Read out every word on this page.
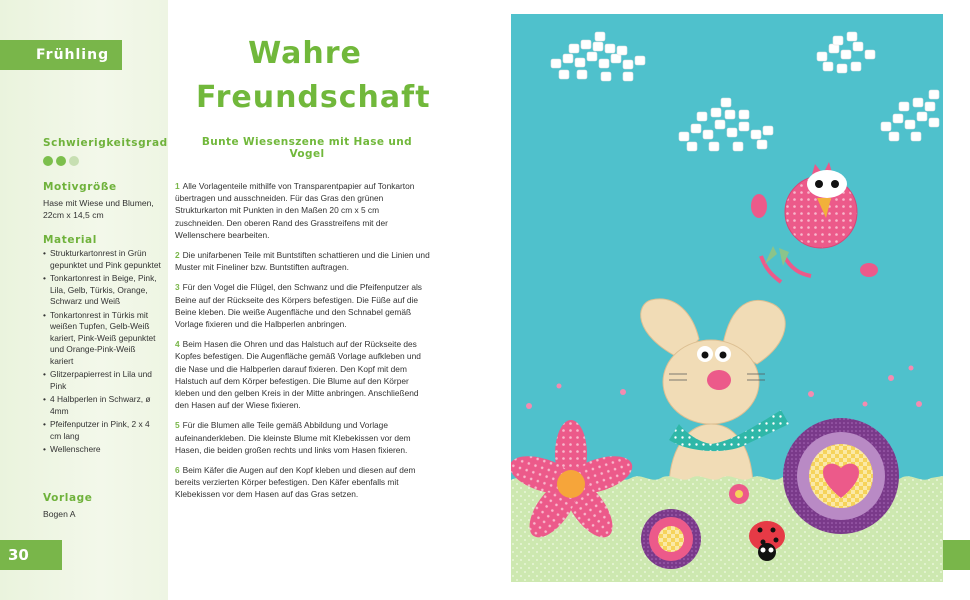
Frühling
Schwierigkeitsgrad
Motivgröße
Hase mit Wiese und Blumen, 22cm x 14,5 cm
Material
• Strukturkartonrest in Grün gepunktet und Pink gepunktet
• Tonkartonrest in Beige, Pink, Lila, Gelb, Türkis, Orange, Schwarz und Weiß
• Tonkartonrest in Türkis mit weißen Tupfen, Gelb-Weiß kariert, Pink-Weiß gepunktet und Orange-Pink-Weiß kariert
• Glitzerpapierrest in Lila und Pink
• 4 Halbperlen in Schwarz, ø 4mm
• Pfeifenputzer in Pink, 2 x 4 cm lang
• Wellenschere
Vorlage
Bogen A
30
Wahre
Freundschaft
Bunte Wiesenszene mit Hase und Vogel

1 Alle Vorlagenteile mithilfe von Transparentpapier auf Tonkarton übertragen und ausschneiden. Für das Gras den grünen Strukturkarton mit Punkten in den Maßen 20 cm x 5 cm zuschneiden. Den oberen Rand des Grasstreifens mit der Wellenschere bearbeiten.

2 Die unifarbenen Teile mit Buntstiften schattieren und die Linien und Muster mit Fineliner bzw. Buntstiften auftragen.

3 Für den Vogel die Flügel, den Schwanz und die Pfeifenputzer als Beine auf der Rückseite des Körpers befestigen. Die Füße auf die Beine kleben. Die weiße Augenfläche und den Schnabel gemäß Vorlage fixieren und die Halbperlen anbringen.

4 Beim Hasen die Ohren und das Halstuch auf der Rückseite des Kopfes befestigen. Die Augenfläche gemäß Vorlage aufkleben und die Nase und die Halbperlen darauf fixieren. Den Kopf mit dem Halstuch auf dem Körper befestigen. Die Blume auf den Körper kleben und den gelben Kreis in der Mitte anbringen. Anschließend den Hasen auf der Wiese fixieren.

5 Für die Blumen alle Teile gemäß Abbildung und Vorlage aufeinanderkleben. Die kleinste Blume mit Klebekissen vor dem Hasen, die beiden großen rechts und links vom Hasen fixieren.

6 Beim Käfer die Augen auf den Kopf kleben und diesen auf dem bereits verzierten Körper befestigen. Den Käfer ebenfalls mit Klebekissen vor dem Hasen auf das Gras setzen.
